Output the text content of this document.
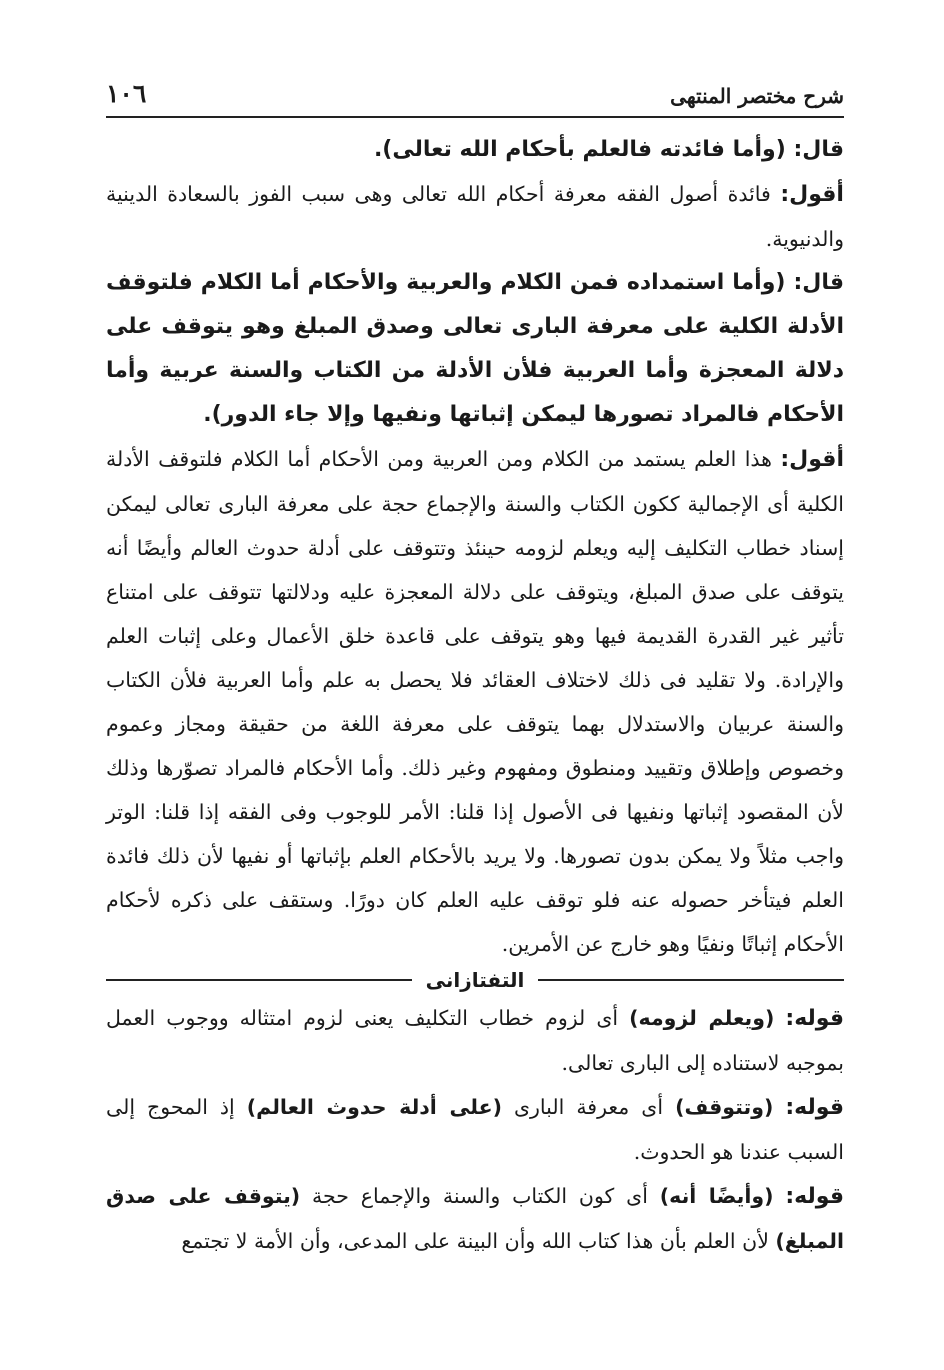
١٠٦	شرح مختصر المنتهى

قال: (وأما فائدته فالعلم بأحكام الله تعالى).

أقول: فائدة أصول الفقه معرفة أحكام الله تعالى وهى سبب الفوز بالسعادة الدينية والدنيوية.

قال: (وأما استمداده فمن الكلام والعربية والأحكام أما الكلام فلتوقف الأدلة الكلية على معرفة البارى تعالى وصدق المبلغ وهو يتوقف على دلالة المعجزة وأما العربية فلأن الأدلة من الكتاب والسنة عربية وأما الأحكام فالمراد تصورها ليمكن إثباتها ونفيها وإلا جاء الدور).

أقول: هذا العلم يستمد من الكلام ومن العربية ومن الأحكام أما الكلام فلتوقف الأدلة الكلية أى الإجمالية ككون الكتاب والسنة والإجماع حجة على معرفة البارى تعالى ليمكن إسناد خطاب التكليف إليه ويعلم لزومه حينئذ وتتوقف على أدلة حدوث العالم وأيضًا أنه يتوقف على صدق المبلغ، ويتوقف على دلالة المعجزة عليه ودلالتها تتوقف على امتناع تأثير غير القدرة القديمة فيها وهو يتوقف على قاعدة خلق الأعمال وعلى إثبات العلم والإرادة. ولا تقليد فى ذلك لاختلاف العقائد فلا يحصل به علم وأما العربية فلأن الكتاب والسنة عربيان والاستدلال بهما يتوقف على معرفة اللغة من حقيقة ومجاز وعموم وخصوص وإطلاق وتقييد ومنطوق ومفهوم وغير ذلك. وأما الأحكام فالمراد تصوّرها وذلك لأن المقصود إثباتها ونفيها فى الأصول إذا قلنا: الأمر للوجوب وفى الفقه إذا قلنا: الوتر واجب مثلاً ولا يمكن بدون تصورها. ولا يريد بالأحكام العلم بإثباتها أو نفيها لأن ذلك فائدة العلم فيتأخر حصوله عنه فلو توقف عليه العلم كان دورًا. وستقف على ذكره لأحكام الأحكام إثباتًا ونفيًا وهو خارج عن الأمرين.

التفتازانى

قوله: (ويعلم لزومه) أى لزوم خطاب التكليف يعنى لزوم امتثاله ووجوب العمل بموجبه لاستناده إلى البارى تعالى.

قوله: (وتتوقف) أى معرفة البارى (على أدلة حدوث العالم) إذ المحوج إلى السبب عندنا هو الحدوث.

قوله: (وأيضًا أنه) أى كون الكتاب والسنة والإجماع حجة (يتوقف على صدق المبلغ) لأن العلم بأن هذا كتاب الله وأن البينة على المدعى، وأن الأمة لا تجتمع
